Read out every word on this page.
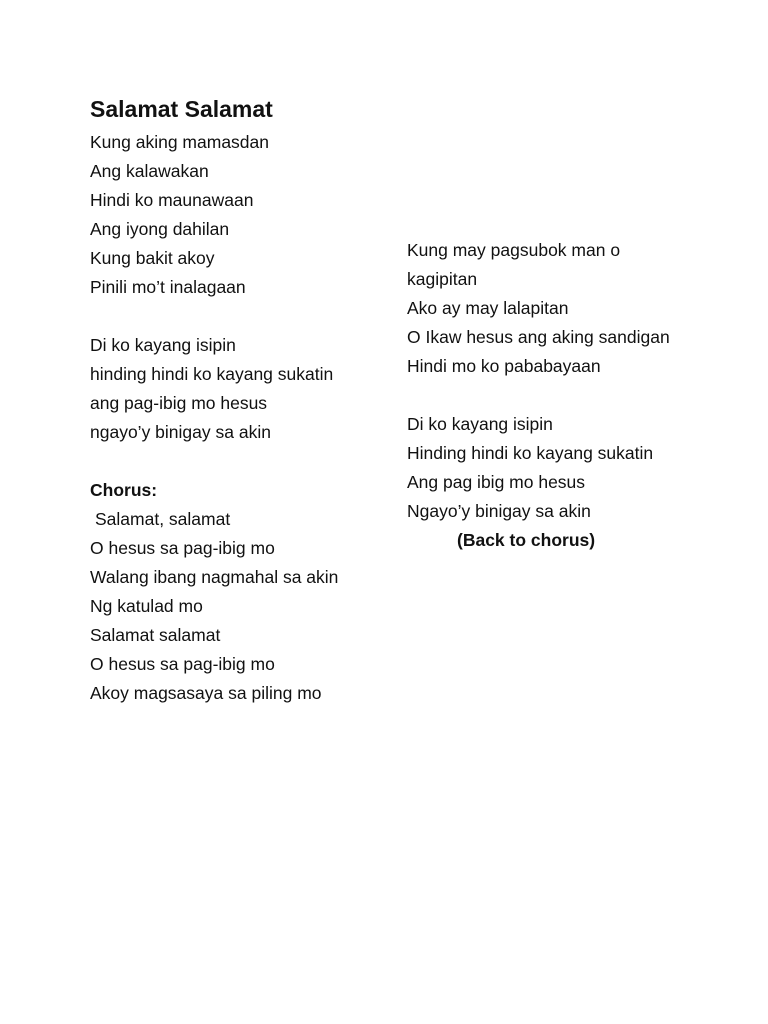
Salamat Salamat
Kung aking mamasdan
Ang kalawakan
Hindi ko maunawaan
Ang iyong dahilan
Kung bakit akoy
Pinili mo’t inalagaan
Di ko kayang isipin
hinding hindi ko kayang sukatin
ang pag-ibig mo hesus
ngayo’y binigay sa akin
Chorus:
Salamat, salamat
O hesus sa pag-ibig mo
Walang ibang nagmahal sa akin
Ng katulad mo
Salamat salamat
O hesus sa pag-ibig mo
Akoy magsasaya sa piling mo
Kung may pagsubok man o
kagipitan
Ako ay may lalapitan
O Ikaw hesus ang aking sandigan
Hindi mo ko pababayaan
Di ko kayang isipin
Hinding hindi ko kayang sukatin
Ang pag ibig mo hesus
Ngayo’y binigay sa akin
(Back to chorus)
